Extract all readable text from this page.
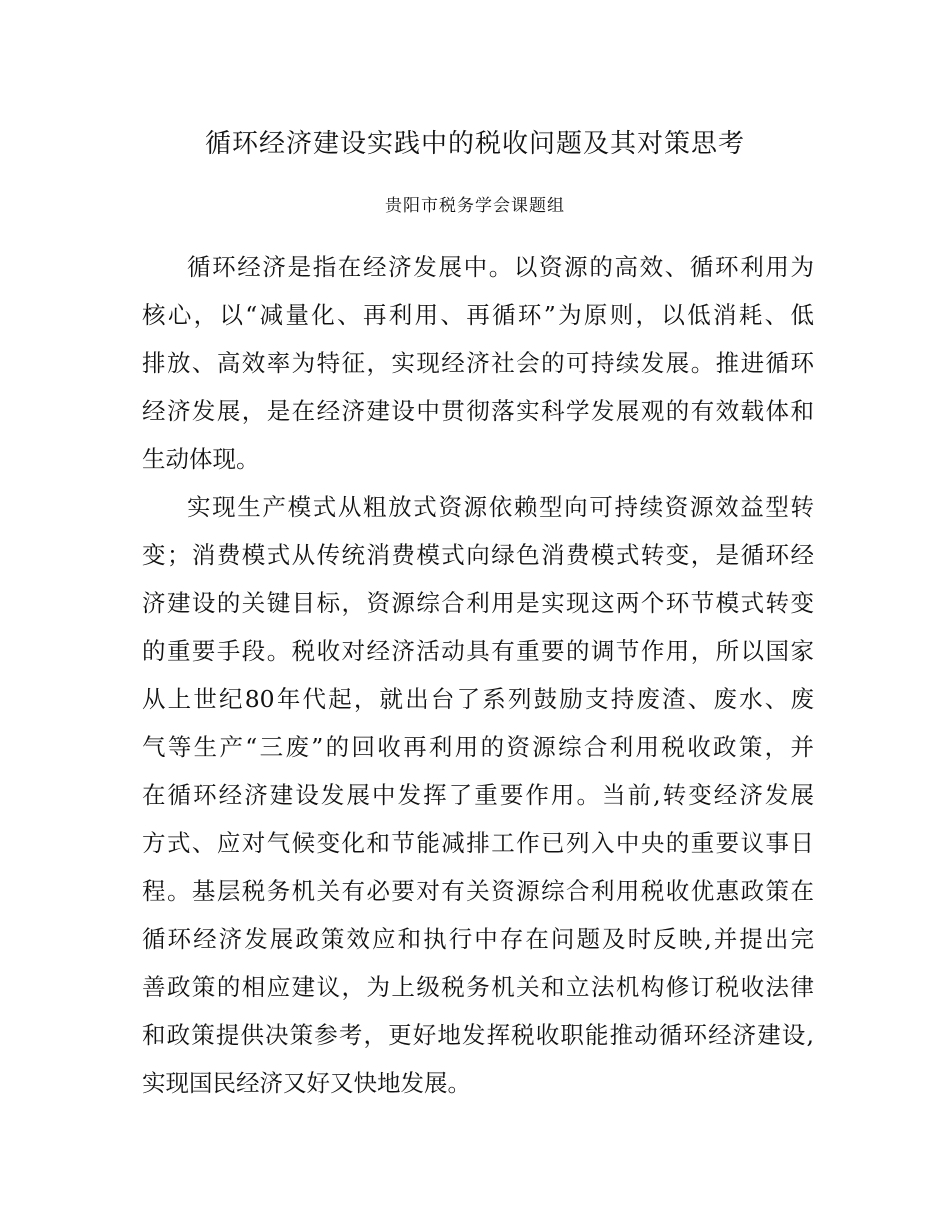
循环经济建设实践中的税收问题及其对策思考

贵阳市税务学会课题组

循环经济是指在经济发展中。以资源的高效、循环利用为
核心，以“减量化、再利用、再循环”为原则，以低消耗、低
排放、高效率为特征，实现经济社会的可持续发展。推进循环
经济发展，是在经济建设中贯彻落实科学发展观的有效载体和
生动体现。
实现生产模式从粗放式资源依赖型向可持续资源效益型转
变；消费模式从传统消费模式向绿色消费模式转变，是循环经
济建设的关键目标，资源综合利用是实现这两个环节模式转变
的重要手段。税收对经济活动具有重要的调节作用，所以国家
从上世纪80年代起，就出台了系列鼓励支持废渣、废水、废
气等生产“三废”的回收再利用的资源综合利用税收政策，并
在循环经济建设发展中发挥了重要作用。当前,转变经济发展
方式、应对气候变化和节能减排工作已列入中央的重要议事日
程。基层税务机关有必要对有关资源综合利用税收优惠政策在
循环经济发展政策效应和执行中存在问题及时反映,并提出完
善政策的相应建议，为上级税务机关和立法机构修订税收法律
和政策提供决策参考，更好地发挥税收职能推动循环经济建设,
实现国民经济又好又快地发展。
